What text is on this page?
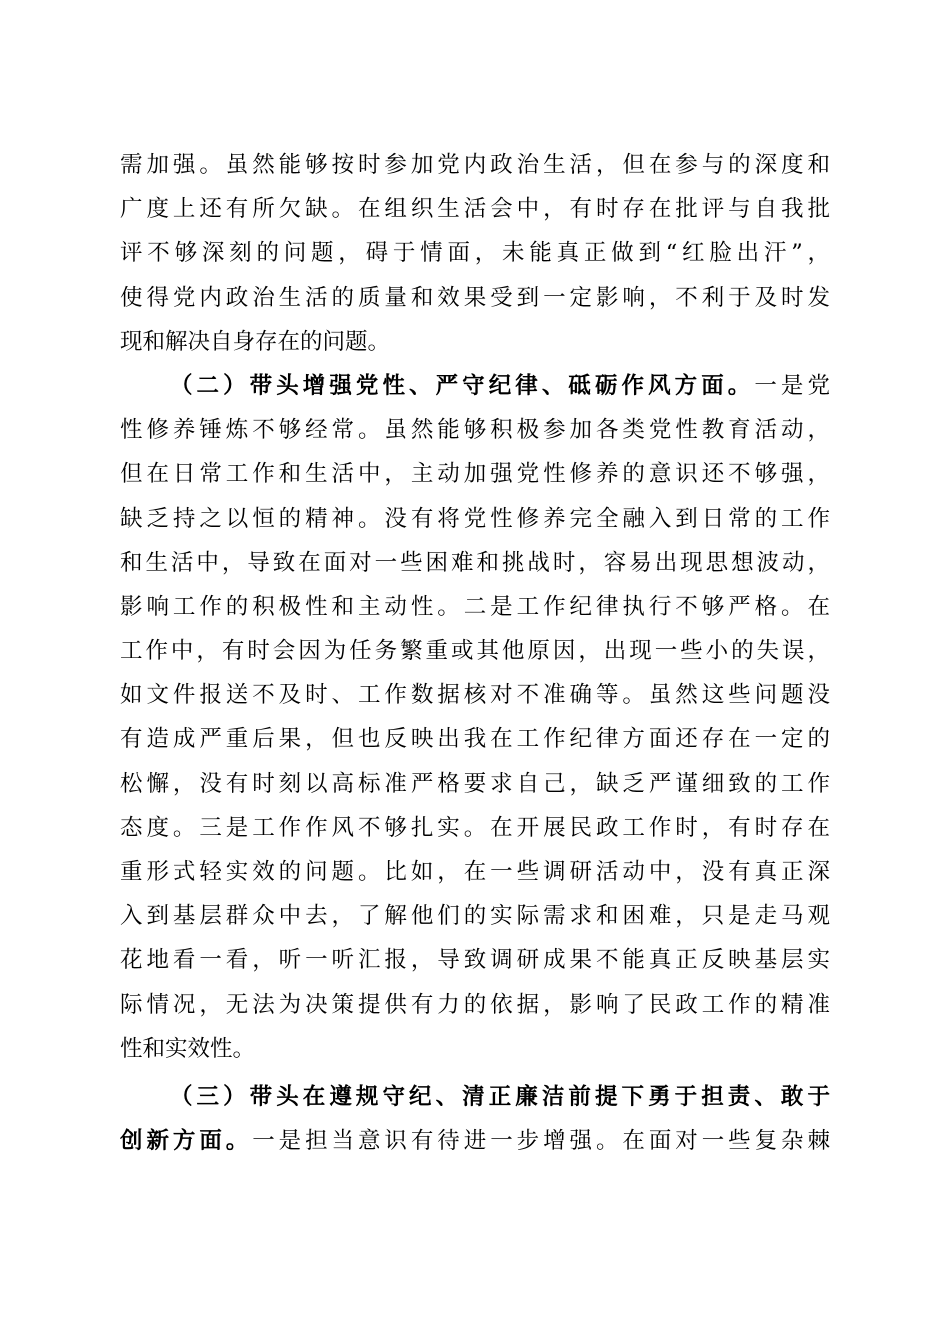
需加强。虽然能够按时参加党内政治生活，但在参与的深度和
广度上还有所欠缺。在组织生活会中，有时存在批评与自我批
评不够深刻的问题，碍于情面，未能真正做到“红脸出汗”，
使得党内政治生活的质量和效果受到一定影响，不利于及时发
现和解决自身存在的问题。
（二）带头增强党性、严守纪律、砥砺作风方面。一是党
性修养锤炼不够经常。虽然能够积极参加各类党性教育活动，
但在日常工作和生活中，主动加强党性修养的意识还不够强，
缺乏持之以恒的精神。没有将党性修养完全融入到日常的工作
和生活中，导致在面对一些困难和挑战时，容易出现思想波动，
影响工作的积极性和主动性。二是工作纪律执行不够严格。在
工作中，有时会因为任务繁重或其他原因，出现一些小的失误，
如文件报送不及时、工作数据核对不准确等。虽然这些问题没
有造成严重后果，但也反映出我在工作纪律方面还存在一定的
松懈，没有时刻以高标准严格要求自己，缺乏严谨细致的工作
态度。三是工作作风不够扎实。在开展民政工作时，有时存在
重形式轻实效的问题。比如，在一些调研活动中，没有真正深
入到基层群众中去，了解他们的实际需求和困难，只是走马观
花地看一看，听一听汇报，导致调研成果不能真正反映基层实
际情况，无法为决策提供有力的依据，影响了民政工作的精准
性和实效性。
（三）带头在遵规守纪、清正廉洁前提下勇于担责、敢于
创新方面。一是担当意识有待进一步增强。在面对一些复杂棘
